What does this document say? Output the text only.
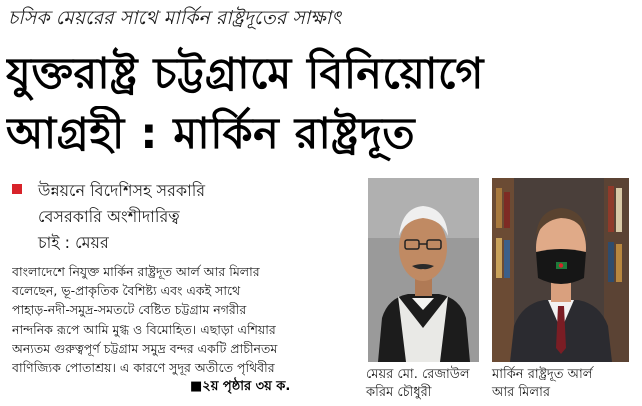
চসিক মেয়রের সাথে মার্কিন রাষ্ট্রদূতের সাক্ষাৎ
যুক্তরাষ্ট্র চট্টগ্রামে বিনিয়োগে
আগ্রহী : মার্কিন রাষ্ট্রদূত
উন্নয়নে বিদেশিসহ সরকারি
বেসরকারি অংশীদারিত্ব
চাই : মেয়র
বাংলাদেশে নিযুক্ত মার্কিন রাষ্ট্রদূত আর্ল আর মিলার
বলেছেন, ভূ-প্রাকৃতিক বৈশিষ্ট্য এবং একই সাথে
পাহাড়-নদী-সমুদ্র-সমতটে বেষ্টিত চট্টগ্রাম নগরীর
নান্দনিক রূপে আমি মুগ্ধ ও বিমোহিত। এছাড়া এশিয়ার
অন্যতম গুরুত্বপূর্ণ চট্টগ্রাম সমুদ্র বন্দর একটি প্রাচীনতম
বাণিজ্যিক পোতাশ্রয়। এ কারণে সুদূর অতীতে পৃথিবীর
■২য় পৃষ্ঠার ৩য় ক.
মেয়র মো. রেজাউল
করিম চৌধুরী
মার্কিন রাষ্ট্রদূত আর্ল
আর মিলার
